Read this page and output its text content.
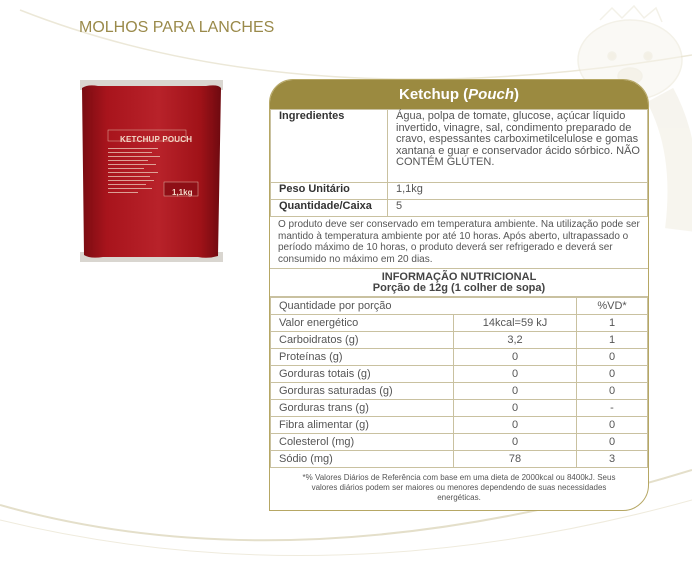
MOLHOS PARA LANCHES
KETCHUP POUCH
1,1kg
Ketchup (Pouch)
Ingredientes	Água, polpa de tomate, glucose, açúcar líquido invertido, vinagre, sal, condimento preparado de cravo, espessantes carboximetilcelulose e gomas xantana e guar e conservador ácido sórbico. NÃO CONTÉM GLÚTEN.
Peso Unitário	1,1kg
Quantidade/Caixa	5
O produto deve ser conservado em temperatura ambiente. Na utilização pode ser mantido à temperatura ambiente por até 10 horas. Após aberto, ultrapassado o período máximo de 10 horas, o produto deverá ser refrigerado e deverá ser consumido no máximo em 20 dias.
INFORMAÇÃO NUTRICIONAL
Porção de 12g (1 colher de sopa)
Quantidade por porção		%VD*
Valor energético	14kcal=59 kJ	1
Carboidratos (g)	3,2	1
Proteínas (g)	0	0
Gorduras totais (g)	0	0
Gorduras saturadas (g)	0	0
Gorduras trans (g)	0	-
Fibra alimentar (g)	0	0
Colesterol (mg)	0	0
Sódio (mg)	78	3
*% Valores Diários de Referência com base em uma dieta de 2000kcal ou 8400kJ. Seus valores diários podem ser maiores ou menores dependendo de suas necessidades energéticas.
